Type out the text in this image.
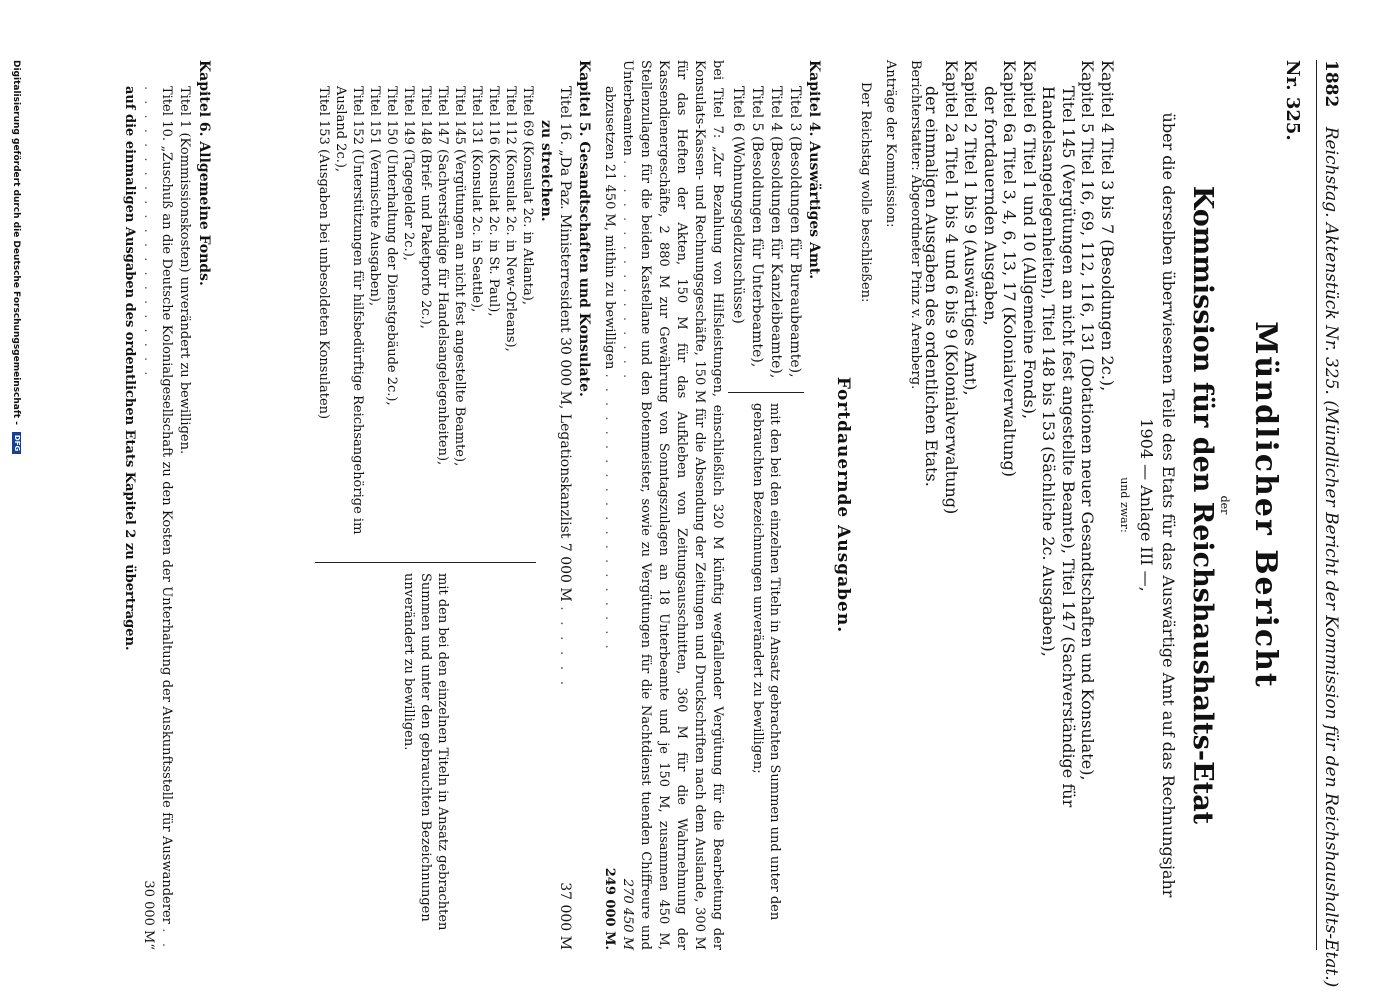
1882 Reichstag. Aktenstück Nr. 325. (Mündlicher Bericht der Kommission für den Reichshaushalts-Etat.)
Nr. 325.
Mündlicher Bericht
der
Kommission für den Reichshaushalts-Etat
über die derselben überwiesenen Teile des Etats für das Auswärtige Amt auf das Rechnungsjahr 1904 — Anlage III —,
und zwar:
Kapitel 4 Titel 3 bis 7 (Besoldungen 2c.),
Kapitel 5 Titel 16, 69, 112, 116, 131 (Dotationen neuer Gesandtschaften und Konsulate),
Titel 145 (Vergütungen an nicht fest angestellte Beamte), Titel 147 (Sachverständige für
Handelsangelegenheiten), Titel 148 bis 153 (Sächliche 2c. Ausgaben),
Kapitel 6 Titel 1 und 10 (Allgemeine Fonds),
Kapitel 6a Titel 3, 4, 6, 13, 17 (Kolonialverwaltung)
der fortdauernden Ausgaben,
Kapitel 2 Titel 1 bis 9 (Auswärtiges Amt),
Kapitel 2a Titel 1 bis 4 und 6 bis 9 (Kolonialverwaltung)
der einmaligen Ausgaben des ordentlichen Etats.
Berichterstatter: Abgeordneter Prinz v. Arenberg.
Anträge der Kommission:
Der Reichstag wolle beschließen:
Fortdauernde Ausgaben.
Kapitel 4. Auswärtiges Amt.
Titel 3 (Besoldungen für Bureaubeamte),
Titel 4 (Besoldungen für Kanzleibeamte),
Titel 5 (Besoldungen für Unterbeamte),
Titel 6 (Wohnungsgeldzuschüsse)
mit den bei den einzelnen Titeln in Ansatz gebrachten Summen und unter den gebrauchten Bezeichnungen unverändert zu bewilligen;
bei Titel 7: „Zur Bezahlung von Hilfsleistungen, einschließlich 320 M künftig wegfallender Vergütung für die Bearbeitung der Konsulats-Kassen- und Rechnungsgeschäfte, 150 M für die Absendung der Zeitungen und Druckschriften nach dem Auslande, 300 M für das Heften der Akten, 150 M für das Aufkleben von Zeitungsausschnitten, 360 M für die Wahrnehmung der Kassendienergeschäfte, 2 880 M zur Gewährung von Sonntagszulagen an 18 Unterbeamte und je 150 M, zusammen 450 M, Stellenzulagen für die beiden Kastellane und den Botenmeister, sowie zu Vergütungen für die Nachtdienst tuenden Chiffreure und Unterbeamten . . . . . . . . . . . . . . . .
270 450 M
abzusetzen 21 450 M, mithin zu bewilligen . . . . . . . . . . . . . . . . . . . .
249 000 M.
Kapitel 5. Gesandtschaften und Konsulate.
Titel 16. „Da Paz. Ministerresident 30 000 M, Legationskanzlist 7 000 M . . . . . .
37 000 M
zu streichen.
Titel 69 (Konsulat 2c. in Atlanta),
Titel 112 (Konsulat 2c. in New-Orleans),
Titel 116 (Konsulat 2c. in St. Paul),
Titel 131 (Konsulat 2c. in Seattle),
Titel 145 (Vergütungen an nicht fest angestellte Beamte),
Titel 147 (Sachverständige für Handelsangelegenheiten),
Titel 148 (Brief- und Paketporto 2c.),
Titel 149 (Tagegelder 2c.),
Titel 150 (Unterhaltung der Dienstgebäude 2c.),
Titel 151 (Vermischte Ausgaben),
Titel 152 (Unterstützungen für hilfsbedürftige Reichsangehörige im Ausland 2c.),
Titel 153 (Ausgaben bei unbesoldeten Konsulaten)
mit den bei den einzelnen Titeln in Ansatz gebrachten Summen und unter den gebrauchten Bezeichnungen unverändert zu bewilligen.
Kapitel 6. Allgemeine Fonds.
Titel 1 (Kommissionskosten) unverändert zu bewilligen.
Titel 10. „Zuschuß an die Deutsche Kolonialgesellschaft zu den Kosten der Unterhaltung der Auskunftsstelle für Auswanderer . . . . . . . . . . . . . . . . . . . . . . .
30 000 M“
auf die einmaligen Ausgaben des ordentlichen Etats Kapitel 2 zu übertragen.
Digitalisierung gefördert durch die Deutsche Forschungsgemeinschaft - DFG
